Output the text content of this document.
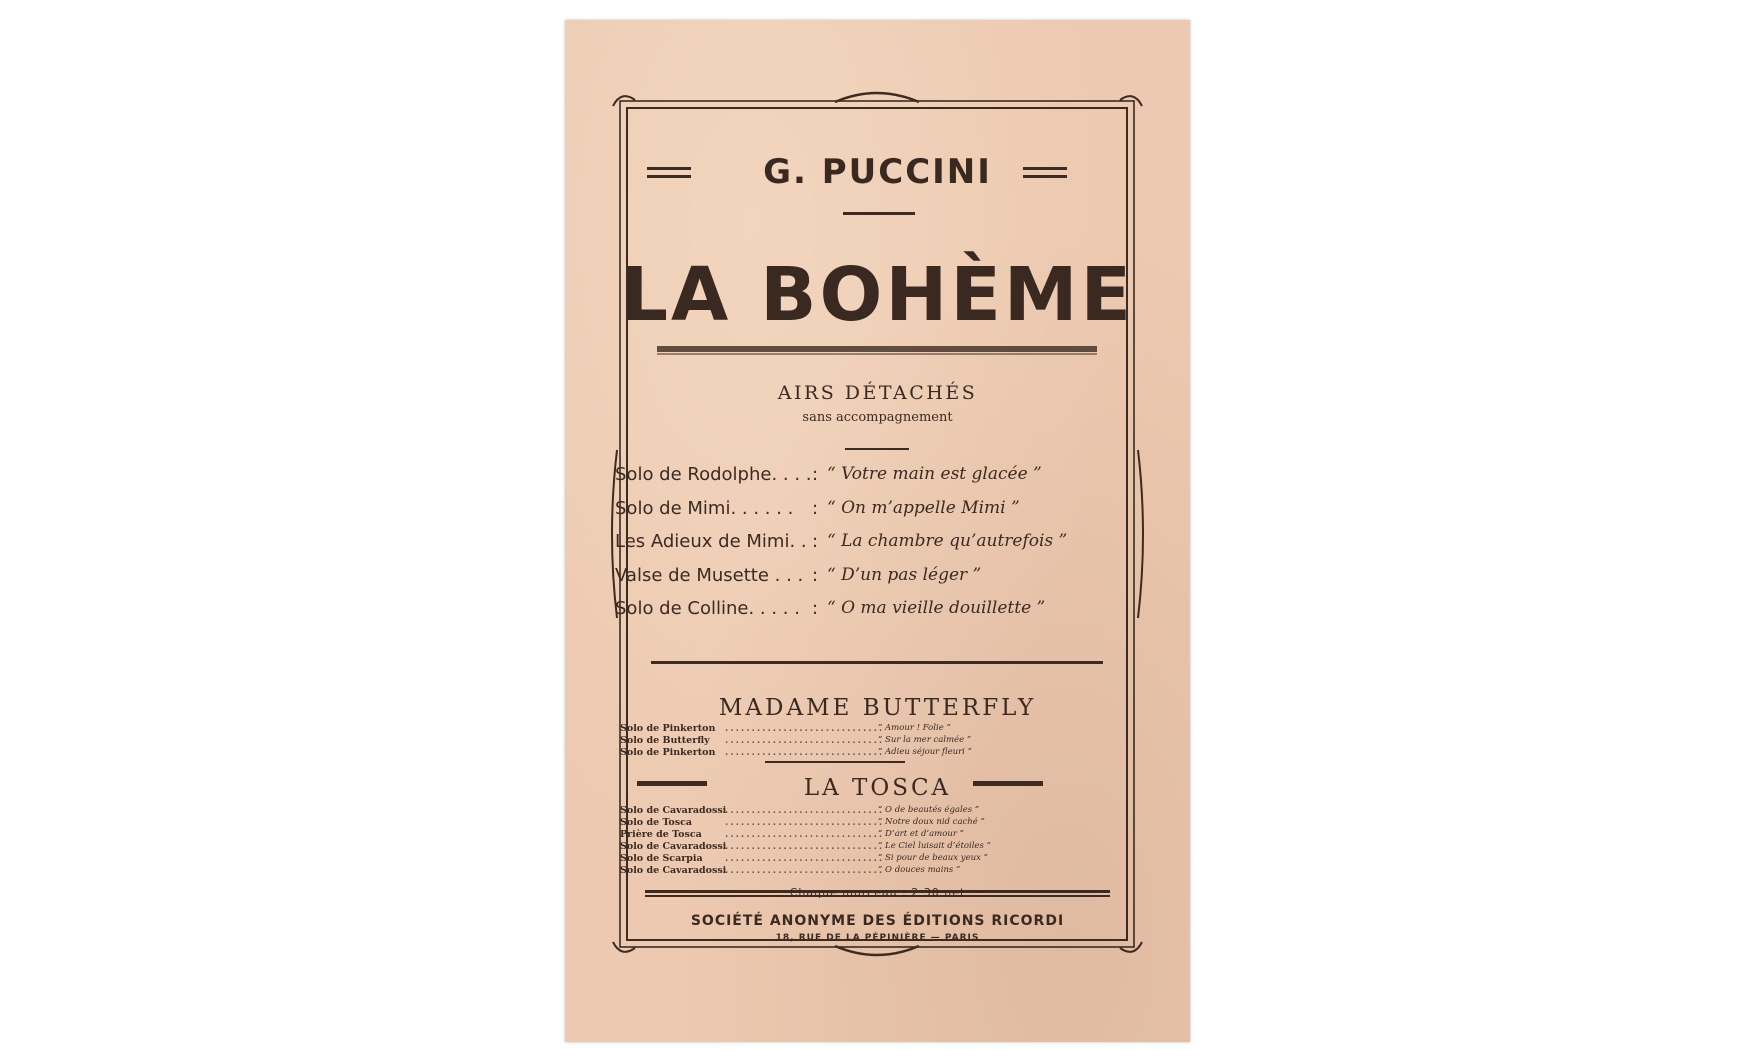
G. PUCCINI
LA BOHÈME
AIRS DÉTACHÉS
sans accompagnement
Solo de Rodolphe. . . . : “ Votre main est glacée ”
Solo de Mimi. . . . . . : “ On m’appelle Mimi ”
Les Adieux de Mimi. . : “ La chambre qu’autrefois ”
Valse de Musette . . . : “ D’un pas léger ”
Solo de Colline. . . . . : “ O ma vieille douillette ”
MADAME BUTTERFLY
Solo de Pinkerton ..............................
“ Amour ! Folie ”
Solo de Butterfly ..............................
“ Sur la mer calmée ”
Solo de Pinkerton ..............................
“ Adieu séjour fleuri ”
LA TOSCA
Solo de Cavaradossi
..............................
“ O de beautés égales ”
Solo de Tosca	..............................
“ Notre doux nid caché ”
Prière de Tosca ..............................
“ D’art et d’amour ”
Solo de Cavaradossi
..............................
“ Le Ciel luisait d’étoiles ”
Solo de Scarpia ..............................
“ Si pour de beaux yeux ”
Solo de Cavaradossi
..............................
“ O douces mains ”
Chaque morceau : 2 30 net
SOCIÉTÉ ANONYME DES ÉDITIONS RICORDI
18, RUE DE LA PÉPINIÈRE — PARIS
